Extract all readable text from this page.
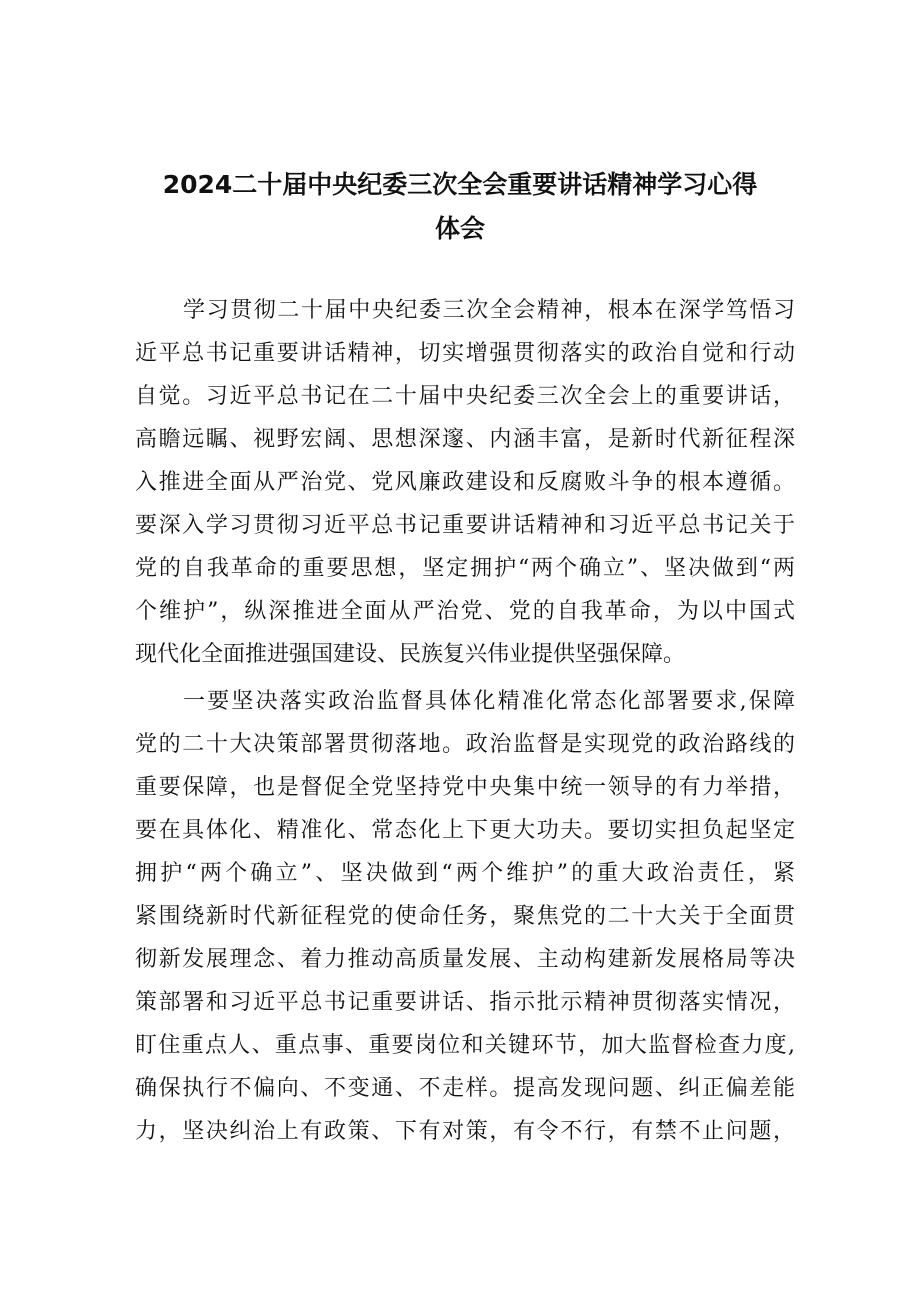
2024二十届中央纪委三次全会重要讲话精神学习心得
体会
学习贯彻二十届中央纪委三次全会精神，根本在深学笃悟习
近平总书记重要讲话精神，切实增强贯彻落实的政治自觉和行动
自觉。习近平总书记在二十届中央纪委三次全会上的重要讲话，
高瞻远瞩、视野宏阔、思想深邃、内涵丰富，是新时代新征程深
入推进全面从严治党、党风廉政建设和反腐败斗争的根本遵循。
要深入学习贯彻习近平总书记重要讲话精神和习近平总书记关于
党的自我革命的重要思想，坚定拥护“两个确立”、坚决做到“两
个维护”，纵深推进全面从严治党、党的自我革命，为以中国式
现代化全面推进强国建设、民族复兴伟业提供坚强保障。
一要坚决落实政治监督具体化精准化常态化部署要求,保障
党的二十大决策部署贯彻落地。政治监督是实现党的政治路线的
重要保障，也是督促全党坚持党中央集中统一领导的有力举措，
要在具体化、精准化、常态化上下更大功夫。要切实担负起坚定
拥护“两个确立”、坚决做到“两个维护”的重大政治责任，紧
紧围绕新时代新征程党的使命任务，聚焦党的二十大关于全面贯
彻新发展理念、着力推动高质量发展、主动构建新发展格局等决
策部署和习近平总书记重要讲话、指示批示精神贯彻落实情况，
盯住重点人、重点事、重要岗位和关键环节，加大监督检查力度,
确保执行不偏向、不变通、不走样。提高发现问题、纠正偏差能
力，坚决纠治上有政策、下有对策，有令不行，有禁不止问题，
